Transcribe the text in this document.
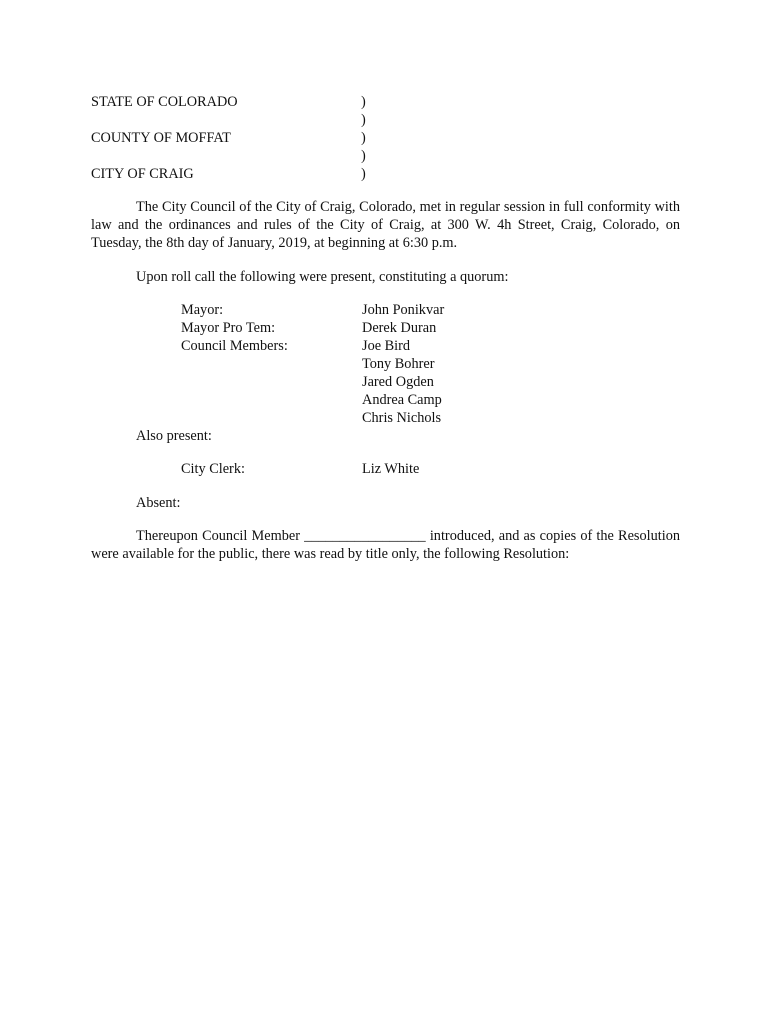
STATE OF COLORADO
COUNTY OF MOFFAT
CITY OF CRAIG
)
)
)
)
)

The City Council of the City of Craig, Colorado, met in regular session in full conformity with law and the ordinances and rules of the City of Craig, at 300 W. 4h Street, Craig, Colorado, on Tuesday, the 8th day of January, 2019, at beginning at 6:30 p.m.

Upon roll call the following were present, constituting a quorum:
Mayor:
Mayor Pro Tem:
Council Members:
John Ponikvar
Derek Duran
Joe Bird
Tony Bohrer
Jared Ogden
Andrea Camp
Chris Nichols
Also present:
City Clerk:	Liz White
Absent:

Thereupon Council Member _________________ introduced, and as copies of the Resolution were available for the public, there was read by title only, the following Resolution:
